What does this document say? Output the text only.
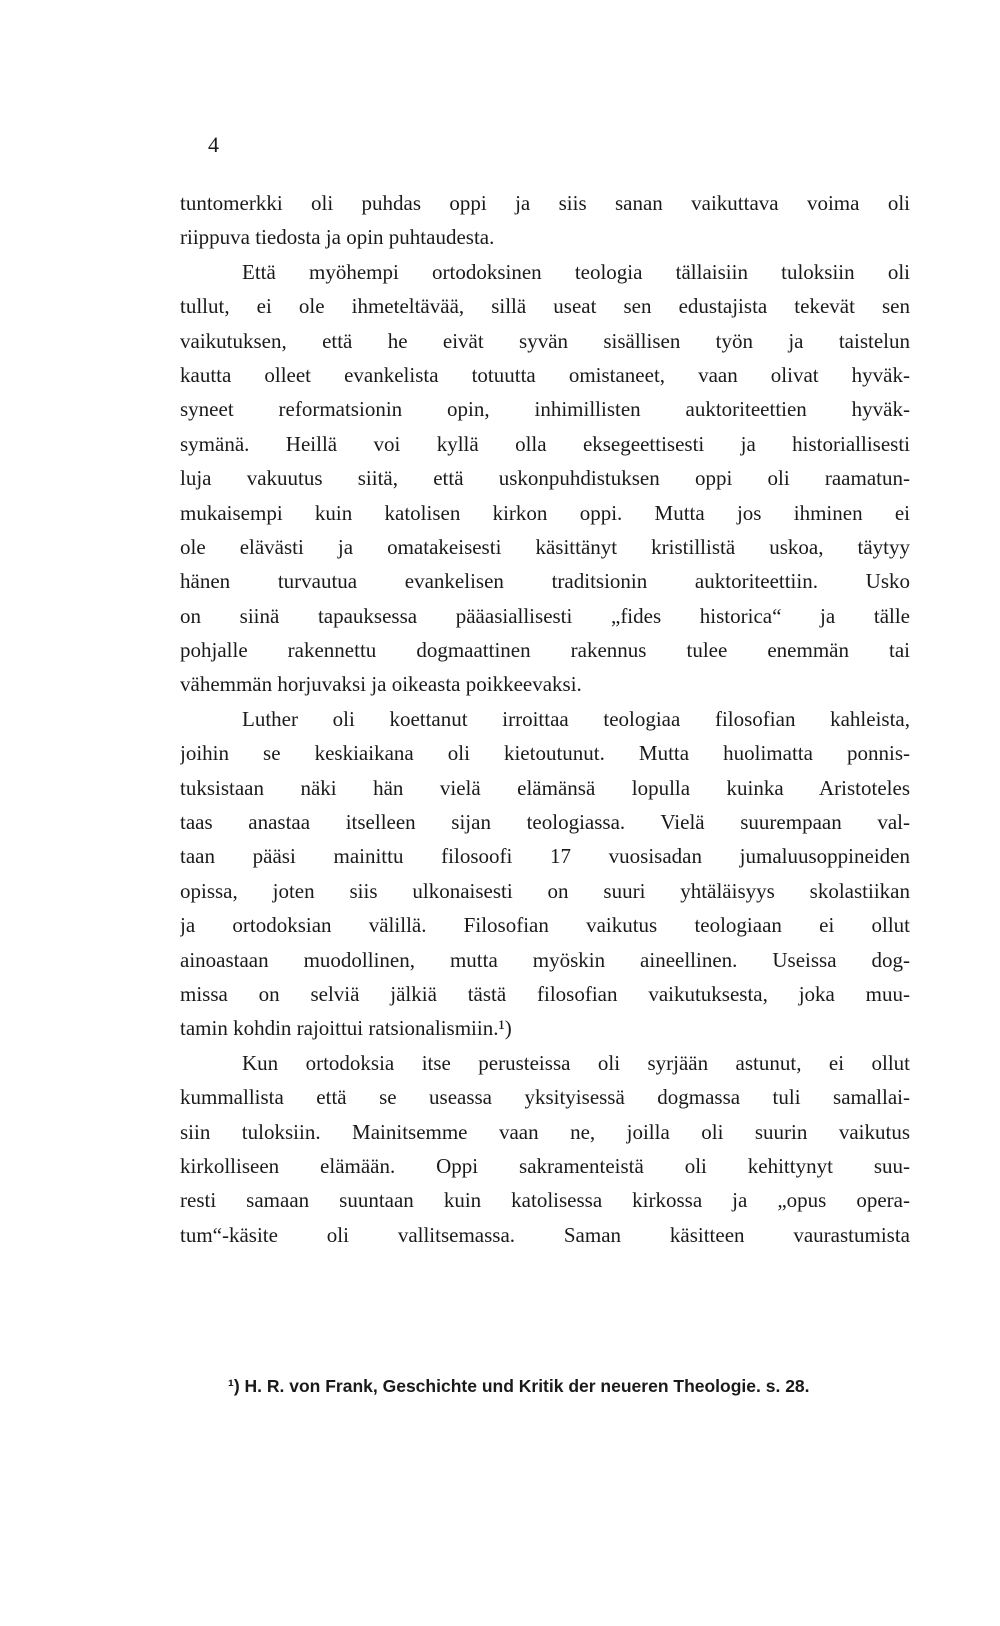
4
tuntomerkki oli puhdas oppi ja siis sanan vaikuttava voima oli
riippuva tiedosta ja opin puhtaudesta.
Että myöhempi ortodoksinen teologia tällaisiin tuloksiin oli
tullut, ei ole ihmeteltävää, sillä useat sen edustajista tekevät sen
vaikutuksen, että he eivät syvän sisällisen työn ja taistelun
kautta olleet evankelista totuutta omistaneet, vaan olivat hyväk-
syneet reformatsionin opin, inhimillisten auktoriteettien hyväk-
symänä. Heillä voi kyllä olla eksegeettisesti ja historiallisesti
luja vakuutus siitä, että uskonpuhdistuksen oppi oli raamatun-
mukaisempi kuin katolisen kirkon oppi. Mutta jos ihminen ei
ole elävästi ja omatakeisesti käsittänyt kristillistä uskoa, täytyy
hänen turvautua evankelisen traditsionin auktoriteettiin. Usko
on siinä tapauksessa pääasiallisesti „fides historica“ ja tälle
pohjalle rakennettu dogmaattinen rakennus tulee enemmän tai
vähemmän horjuvaksi ja oikeasta poikkeevaksi.
Luther oli koettanut irroittaa teologiaa filosofian kahleista,
joihin se keskiaikana oli kietoutunut. Mutta huolimatta ponnis-
tuksistaan näki hän vielä elämänsä lopulla kuinka Aristoteles
taas anastaa itselleen sijan teologiassa. Vielä suurempaan val-
taan pääsi mainittu filosoofi 17 vuosisadan jumaluusoppineiden
opissa, joten siis ulkonaisesti on suuri yhtäläisyys skolastiikan
ja ortodoksian välillä. Filosofian vaikutus teologiaan ei ollut
ainoastaan muodollinen, mutta myöskin aineellinen. Useissa dog-
missa on selviä jälkiä tästä filosofian vaikutuksesta, joka muu-
tamin kohdin rajoittui ratsionalismiin.¹)
Kun ortodoksia itse perusteissa oli syrjään astunut, ei ollut
kummallista että se useassa yksityisessä dogmassa tuli samallai-
siin tuloksiin. Mainitsemme vaan ne, joilla oli suurin vaikutus
kirkolliseen elämään. Oppi sakramenteistä oli kehittynyt suu-
resti samaan suuntaan kuin katolisessa kirkossa ja „opus opera-
tum“-käsite oli vallitsemassa. Saman käsitteen vaurastumista
¹) H. R. von Frank, Geschichte und Kritik der neueren Theologie. s. 28.
